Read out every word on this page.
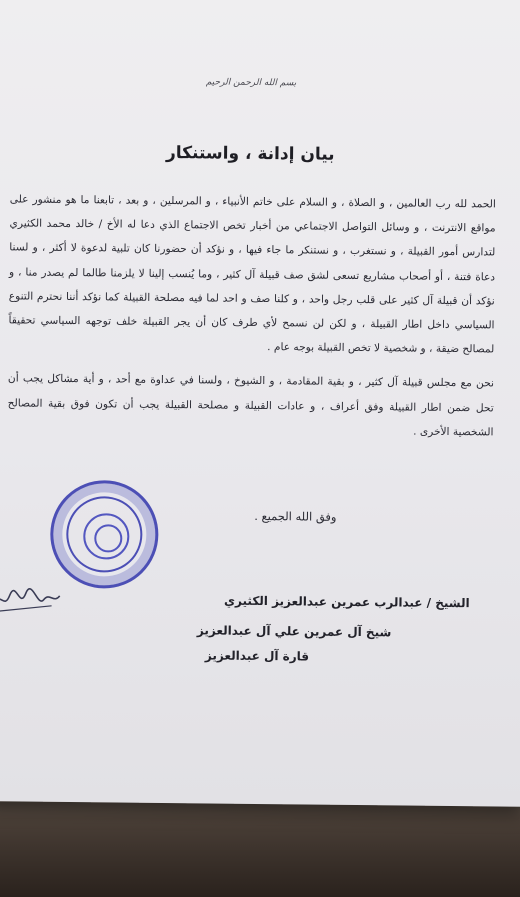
بسم الله الرحمن الرحيم
بيان إدانة ، واستنكار

الحمد لله رب العالمين ، و الصلاة ، و السلام على خاتم الأنبياء ، و المرسلين ، و بعد ، تابعنا ما هو منشور على مواقع الانترنت ، و وسائل التواصل الاجتماعي من أخبار تخص الاجتماع الذي دعا له الأخ / خالد محمد الكثيري لتدارس أمور القبيلة ، و نستغرب ، و نستنكر ما جاء فيها ، و نؤكد أن حضورنا كان تلبية لدعوة لا أكثر ، و لسنا دعاة فتنة ، أو أصحاب مشاريع تسعى لشق صف قبيلة آل كثير ، وما يُنسب إلينا لا يلزمنا طالما لم يصدر منا ، و نؤكد أن قبيلة آل كثير على قلب رجل واحد ، و كلنا صف و احد لما فيه مصلحة القبيلة كما نؤكد أننا نحترم التنوع السياسي داخل اطار القبيلة ، و لكن لن نسمح لأي طرف كان أن يجر القبيلة خلف توجهه السياسي تحقيقاً لمصالح ضيقة ، و شخصية لا تخص القبيلة بوجه عام .

نحن مع مجلس قبيلة آل كثير ، و بقية المقادمة ، و الشيوخ ، ولسنا في عداوة مع أحد ، و أية مشاكل يجب أن تحل ضمن اطار القبيلة وفق أعراف ، و عادات القبيلة و مصلحة القبيلة يجب أن تكون فوق بقية المصالح الشخصية الأخرى .

وفق الله الجميع .
الشيخ / عبدالرب عمرين عبدالعزيز الكثيري
شيخ آل عمرين علي آل عبدالعزيز
قارة آل عبدالعزيز
